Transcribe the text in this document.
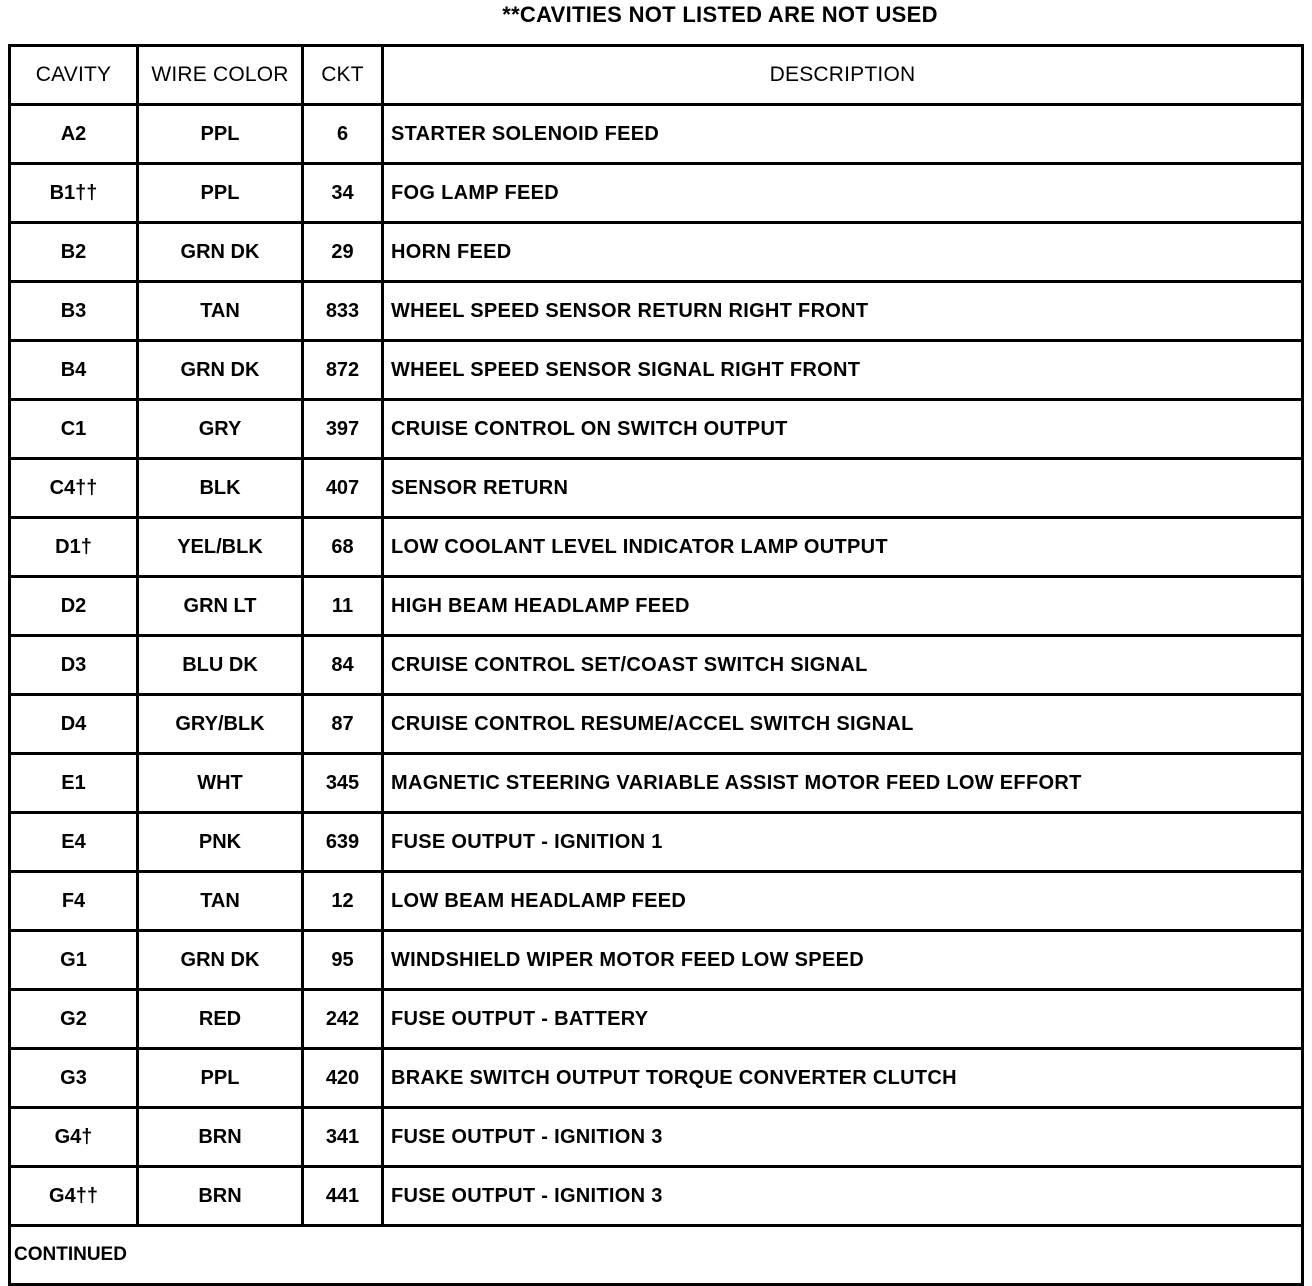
**CAVITIES NOT LISTED ARE NOT USED
CAVITY	WIRE COLOR	CKT	DESCRIPTION
A2	PPL	6	STARTER SOLENOID FEED
B1††	PPL	34	FOG LAMP FEED
B2	GRN DK	29	HORN FEED
B3	TAN	833	WHEEL SPEED SENSOR RETURN RIGHT FRONT
B4	GRN DK	872	WHEEL SPEED SENSOR SIGNAL RIGHT FRONT
C1	GRY	397	CRUISE CONTROL ON SWITCH OUTPUT
C4††	BLK	407	SENSOR RETURN
D1†	YEL/BLK	68	LOW COOLANT LEVEL INDICATOR LAMP OUTPUT
D2	GRN LT	11	HIGH BEAM HEADLAMP FEED
D3	BLU DK	84	CRUISE CONTROL SET/COAST SWITCH SIGNAL
D4	GRY/BLK	87	CRUISE CONTROL RESUME/ACCEL SWITCH SIGNAL
E1	WHT	345	MAGNETIC STEERING VARIABLE ASSIST MOTOR FEED LOW EFFORT
E4	PNK	639	FUSE OUTPUT - IGNITION 1
F4	TAN	12	LOW BEAM HEADLAMP FEED
G1	GRN DK	95	WINDSHIELD WIPER MOTOR FEED LOW SPEED
G2	RED	242	FUSE OUTPUT - BATTERY
G3	PPL	420	BRAKE SWITCH OUTPUT TORQUE CONVERTER CLUTCH
G4†	BRN	341	FUSE OUTPUT - IGNITION 3
G4††	BRN	441	FUSE OUTPUT - IGNITION 3
CONTINUED			
